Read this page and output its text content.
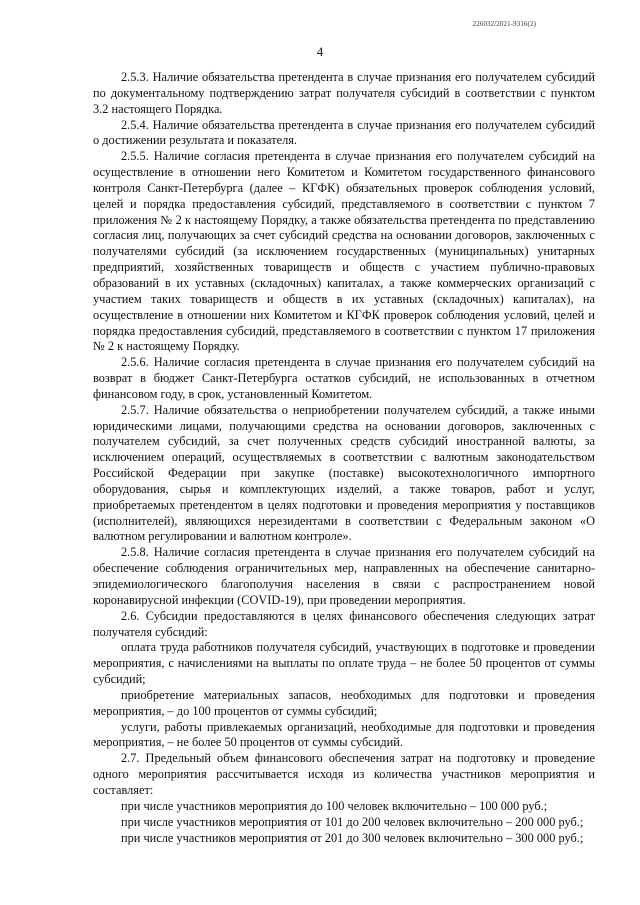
226032/2021-9316(2)
4

2.5.3. Наличие обязательства претендента в случае признания его получателем субсидий по документальному подтверждению затрат получателя субсидий в соответствии с пунктом 3.2 настоящего Порядка.

2.5.4. Наличие обязательства претендента в случае признания его получателем субсидий о достижении результата и показателя.

2.5.5. Наличие согласия претендента в случае признания его получателем субсидий на осуществление в отношении него Комитетом и Комитетом государственного финансового контроля Санкт-Петербурга (далее – КГФК) обязательных проверок соблюдения условий, целей и порядка предоставления субсидий, представляемого в соответствии с пунктом 7 приложения № 2 к настоящему Порядку, а также обязательства претендента по представлению согласия лиц, получающих за счет субсидий средства на основании договоров, заключенных с получателями субсидий (за исключением государственных (муниципальных) унитарных предприятий, хозяйственных товариществ и обществ с участием публично-правовых образований в их уставных (складочных) капиталах, а также коммерческих организаций с участием таких товариществ и обществ в их уставных (складочных) капиталах), на осуществление в отношении них Комитетом и КГФК проверок соблюдения условий, целей и порядка предоставления субсидий, представляемого в соответствии с пунктом 17 приложения № 2 к настоящему Порядку.

2.5.6. Наличие согласия претендента в случае признания его получателем субсидий на возврат в бюджет Санкт-Петербурга остатков субсидий, не использованных в отчетном финансовом году, в срок, установленный Комитетом.

2.5.7. Наличие обязательства о неприобретении получателем субсидий, а также иными юридическими лицами, получающими средства на основании договоров, заключенных с получателем субсидий, за счет полученных средств субсидий иностранной валюты, за исключением операций, осуществляемых в соответствии с валютным законодательством Российской Федерации при закупке (поставке) высокотехнологичного импортного оборудования, сырья и комплектующих изделий, а также товаров, работ и услуг, приобретаемых претендентом в целях подготовки и проведения мероприятия у поставщиков (исполнителей), являющихся нерезидентами в соответствии с Федеральным законом «О валютном регулировании и валютном контроле».

2.5.8. Наличие согласия претендента в случае признания его получателем субсидий на обеспечение соблюдения ограничительных мер, направленных на обеспечение санитарно-эпидемиологического благополучия населения в связи с распространением новой коронавирусной инфекции (COVID-19), при проведении мероприятия.

2.6. Субсидии предоставляются в целях финансового обеспечения следующих затрат получателя субсидий:

оплата труда работников получателя субсидий, участвующих в подготовке и проведении мероприятия, с начислениями на выплаты по оплате труда – не более 50 процентов от суммы субсидий;

приобретение материальных запасов, необходимых для подготовки и проведения мероприятия, – до 100 процентов от суммы субсидий;

услуги, работы привлекаемых организаций, необходимые для подготовки и проведения мероприятия, – не более 50 процентов от суммы субсидий.

2.7. Предельный объем финансового обеспечения затрат на подготовку и проведение одного мероприятия рассчитывается исходя из количества участников мероприятия и составляет:

при числе участников мероприятия до 100 человек включительно – 100 000 руб.;

при числе участников мероприятия от 101 до 200 человек включительно – 200 000 руб.;

при числе участников мероприятия от 201 до 300 человек включительно – 300 000 руб.;
